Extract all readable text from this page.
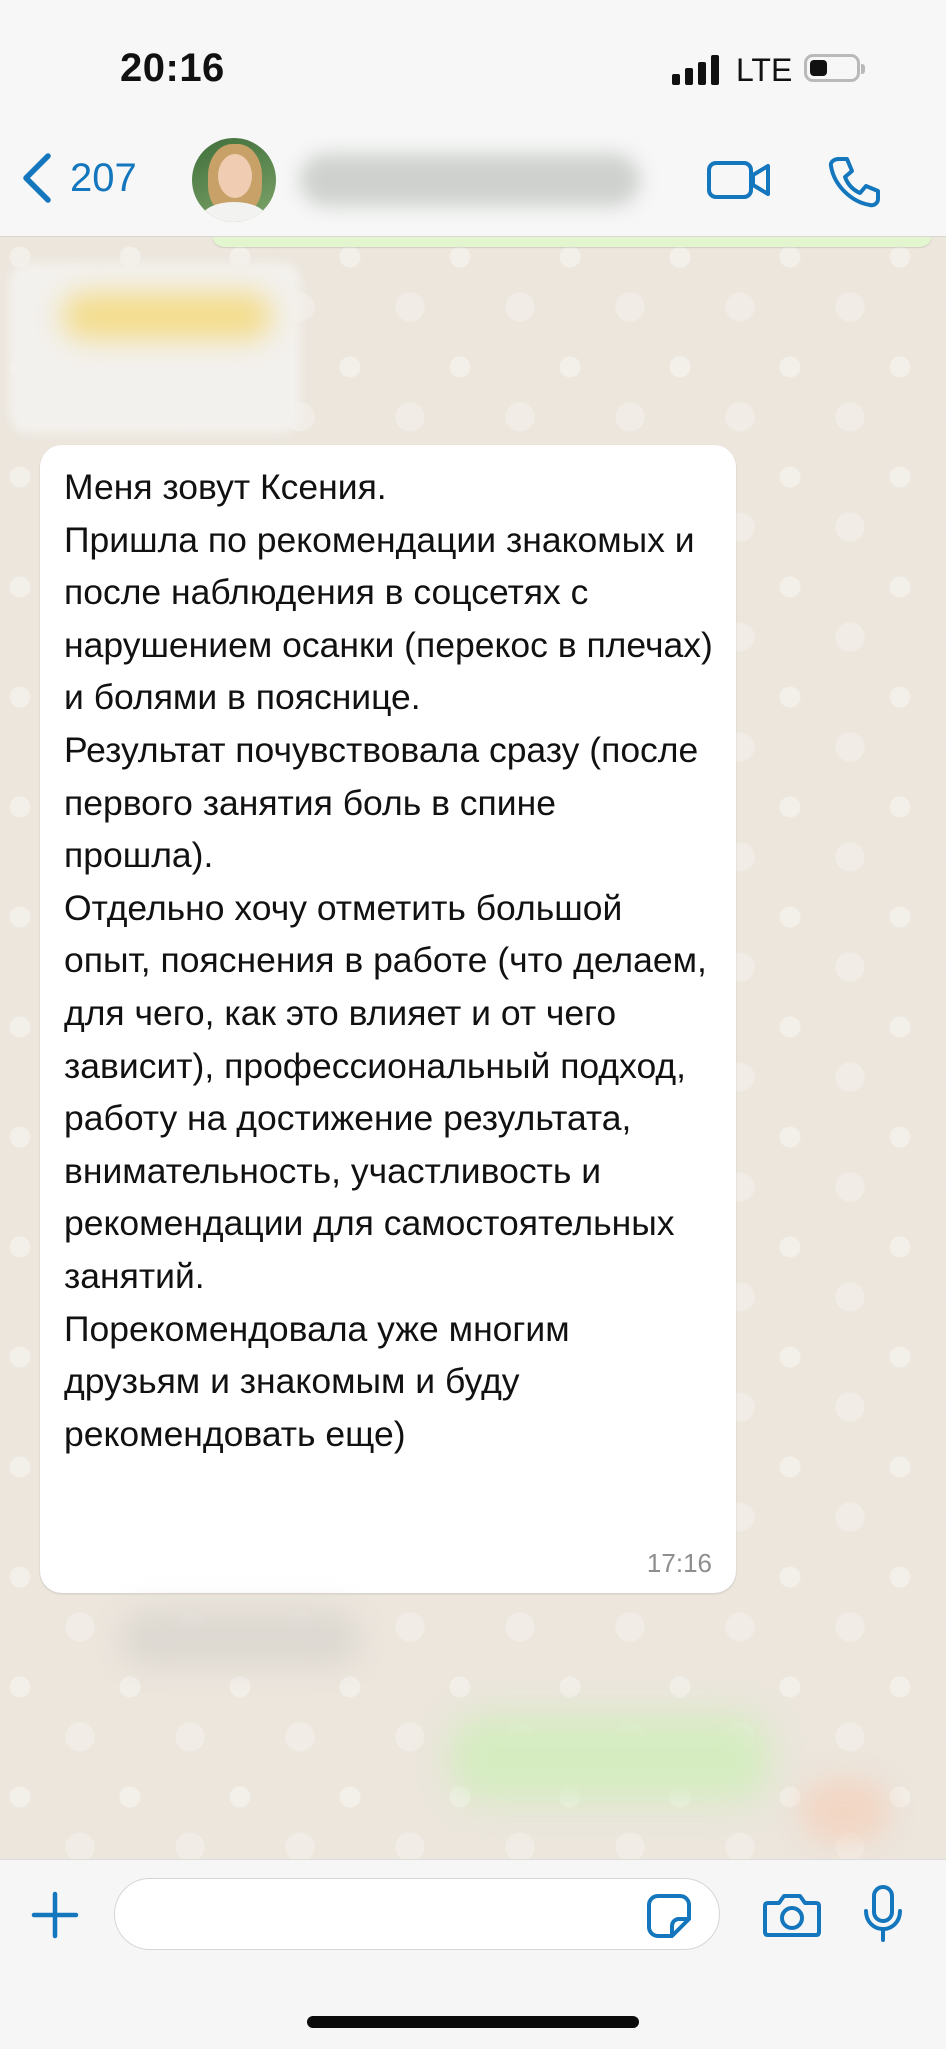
20:16	LTE
207
Меня зовут Ксения.
Пришла по рекомендации знакомых и после наблюдения в соцсетях с нарушением осанки (перекос в плечах) и болями в пояснице.
Результат почувствовала сразу (после первого занятия боль в спине прошла).
Отдельно хочу отметить большой опыт, пояснения в работе (что делаем, для чего, как это влияет и от чего зависит), профессиональный подход, работу на достижение результата, внимательность, участливость и рекомендации для самостоятельных занятий.
Порекомендовала уже многим друзьям и знакомым и буду рекомендовать еще)
17:16
